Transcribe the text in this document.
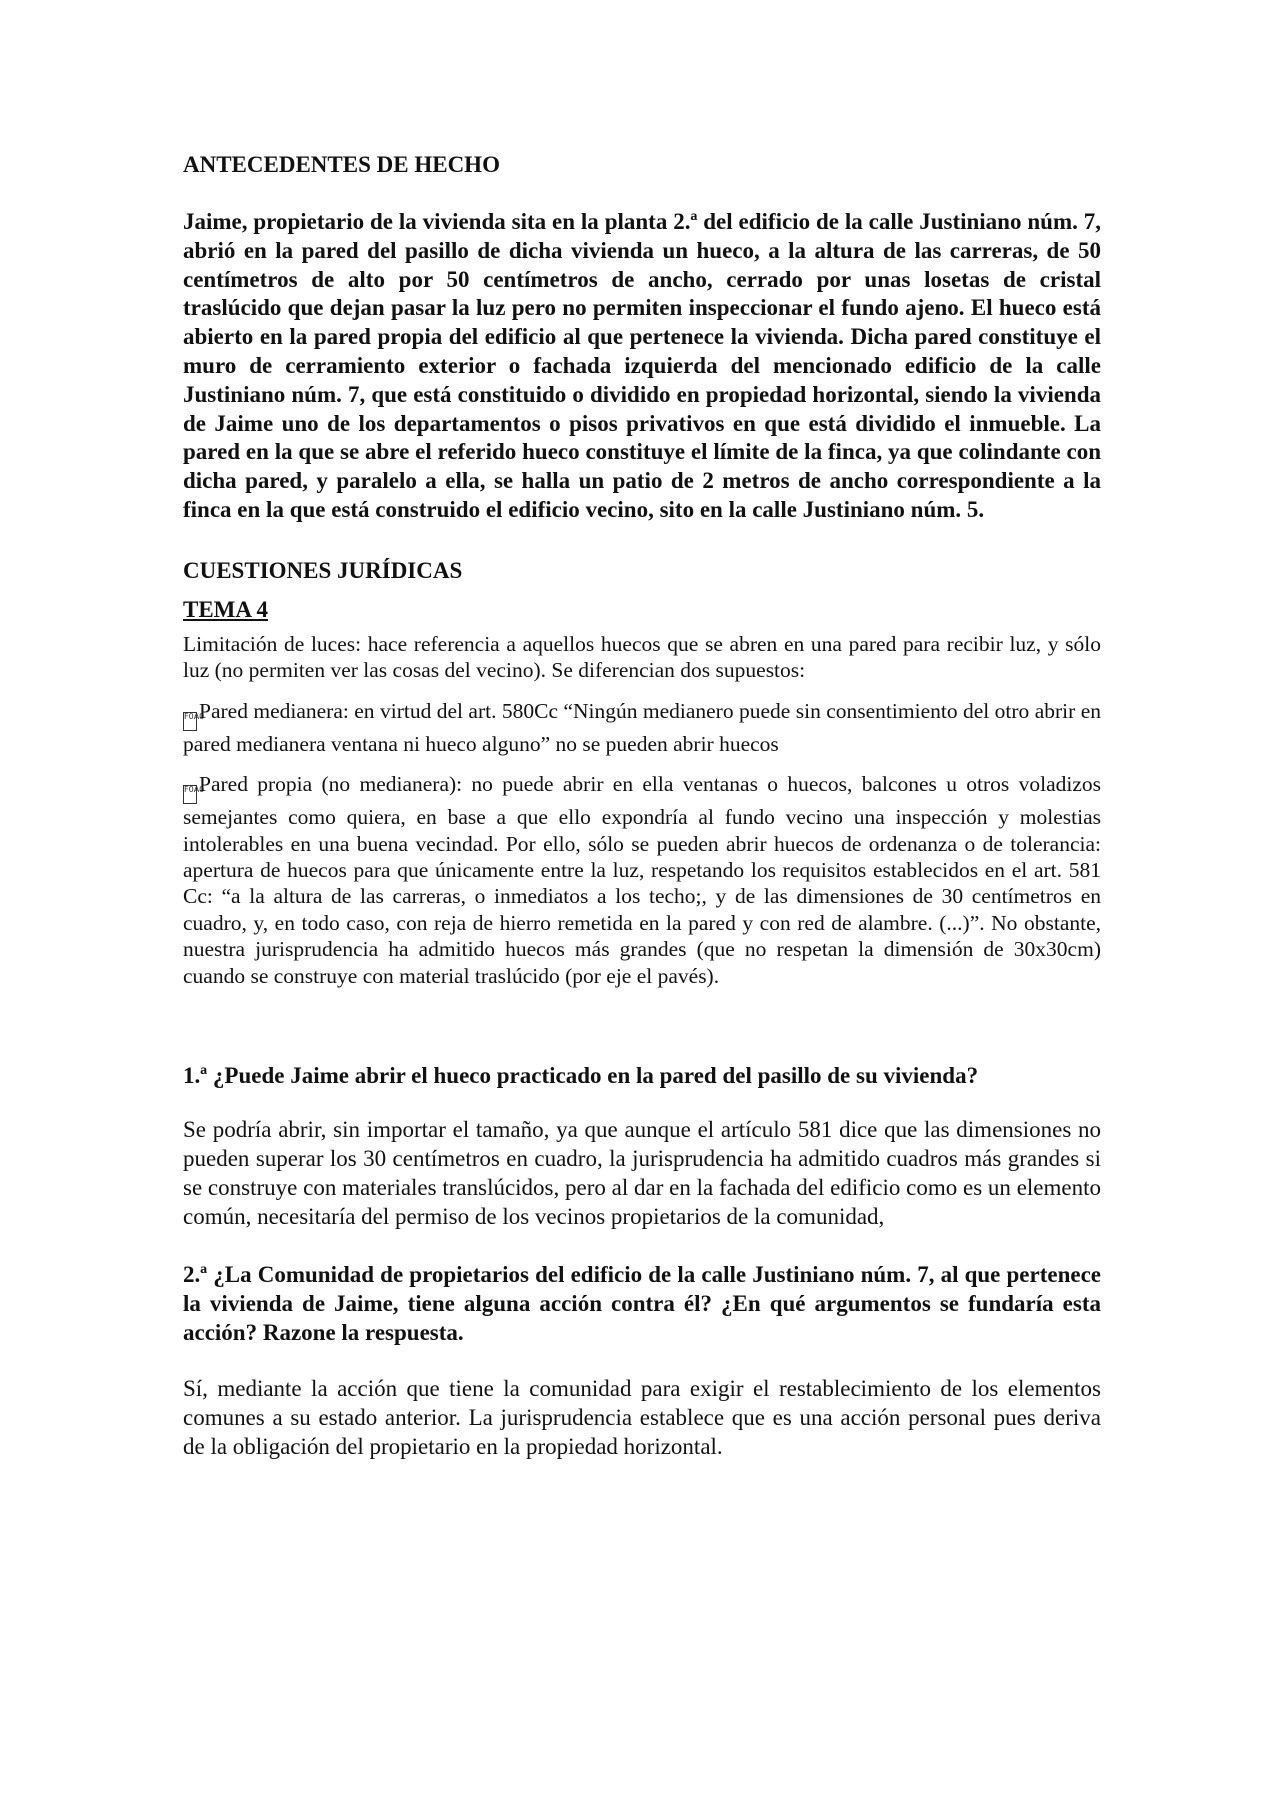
ANTECEDENTES DE HECHO

Jaime, propietario de la vivienda sita en la planta 2.ª del edificio de la calle Justiniano núm. 7, abrió en la pared del pasillo de dicha vivienda un hueco, a la altura de las carreras, de 50 centímetros de alto por 50 centímetros de ancho, cerrado por unas losetas de cristal traslúcido que dejan pasar la luz pero no permiten inspeccionar el fundo ajeno. El hueco está abierto en la pared propia del edificio al que pertenece la vivienda. Dicha pared constituye el muro de cerramiento exterior o fachada izquierda del mencionado edificio de la calle Justiniano núm. 7, que está constituido o dividido en propiedad horizontal, siendo la vivienda de Jaime uno de los departamentos o pisos privativos en que está dividido el inmueble. La pared en la que se abre el referido hueco constituye el límite de la finca, ya que colindante con dicha pared, y paralelo a ella, se halla un patio de 2 metros de ancho correspondiente a la finca en la que está construido el edificio vecino, sito en la calle Justiniano núm. 5.

CUESTIONES JURÍDICAS

TEMA 4

Limitación de luces: hace referencia a aquellos huecos que se abren en una pared para recibir luz, y sólo luz (no permiten ver las cosas del vecino). Se diferencian dos supuestos:

F0A0Pared medianera: en virtud del art. 580Cc “Ningún medianero puede sin consentimiento del otro abrir en pared medianera ventana ni hueco alguno” no se pueden abrir huecos

F0A0Pared propia (no medianera): no puede abrir en ella ventanas o huecos, balcones u otros voladizos semejantes como quiera, en base a que ello expondría al fundo vecino una inspección y molestias intolerables en una buena vecindad. Por ello, sólo se pueden abrir huecos de ordenanza o de tolerancia: apertura de huecos para que únicamente entre la luz, respetando los requisitos establecidos en el art. 581 Cc: “a la altura de las carreras, o inmediatos a los techo;, y de las dimensiones de 30 centímetros en cuadro, y, en todo caso, con reja de hierro remetida en la pared y con red de alambre. (...)”. No obstante, nuestra jurisprudencia ha admitido huecos más grandes (que no respetan la dimensión de 30x30cm) cuando se construye con material traslúcido (por eje el pavés).

1.ª ¿Puede Jaime abrir el hueco practicado en la pared del pasillo de su vivienda?

Se podría abrir, sin importar el tamaño, ya que aunque el artículo 581 dice que las dimensiones no pueden superar los 30 centímetros en cuadro, la jurisprudencia ha admitido cuadros más grandes si se construye con materiales translúcidos, pero al dar en la fachada del edificio como es un elemento común, necesitaría del permiso de los vecinos propietarios de la comunidad,

2.ª ¿La Comunidad de propietarios del edificio de la calle Justiniano núm. 7, al que pertenece la vivienda de Jaime, tiene alguna acción contra él? ¿En qué argumentos se fundaría esta acción? Razone la respuesta.

Sí, mediante la acción que tiene la comunidad para exigir el restablecimiento de los elementos comunes a su estado anterior. La jurisprudencia establece que es una acción personal pues deriva de la obligación del propietario en la propiedad horizontal.
